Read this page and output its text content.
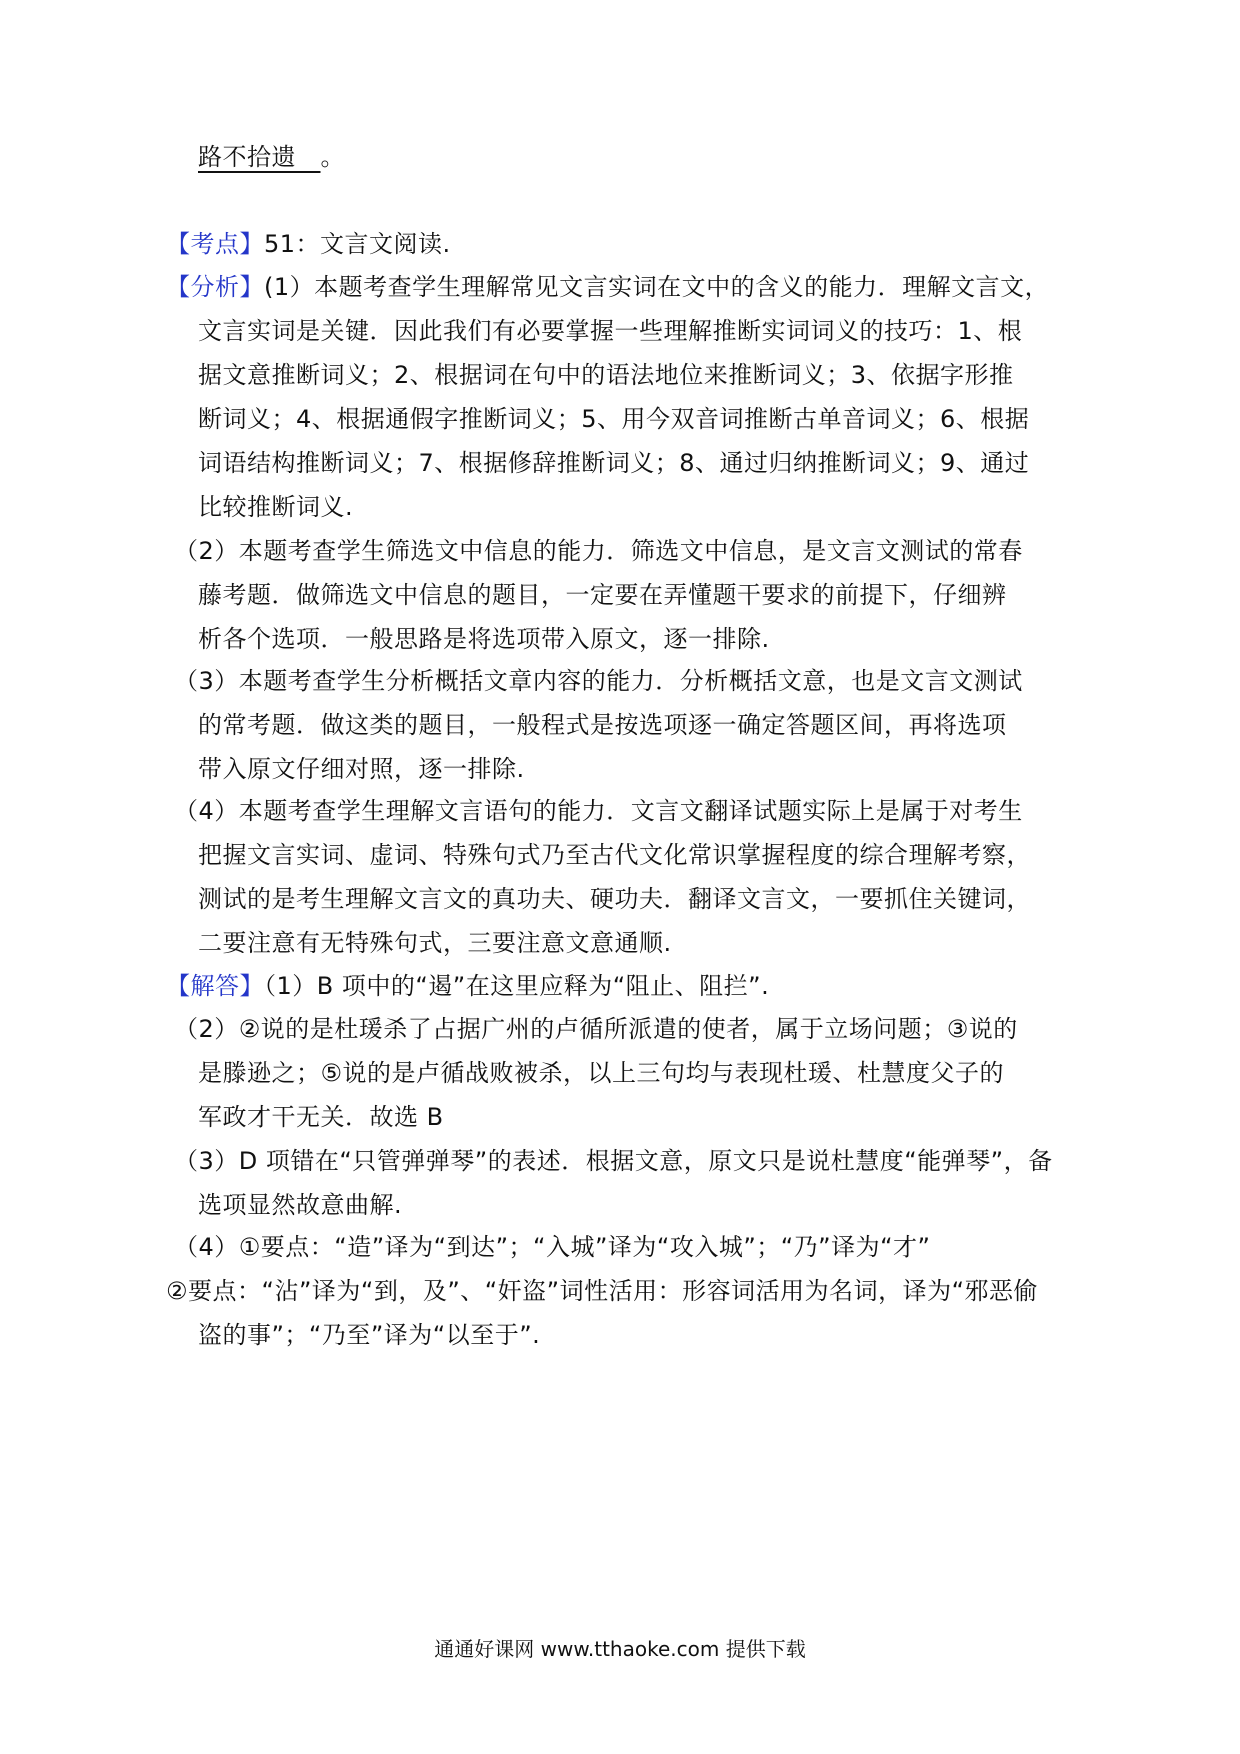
路不拾遗　。
【考点】51：文言文阅读.
【分析】(1）本题考查学生理解常见文言实词在文中的含义的能力．理解文言文，
文言实词是关键．因此我们有必要掌握一些理解推断实词词义的技巧：1、根
据文意推断词义；2、根据词在句中的语法地位来推断词义；3、依据字形推
断词义；4、根据通假字推断词义；5、用今双音词推断古单音词义；6、根据
词语结构推断词义；7、根据修辞推断词义；8、通过归纳推断词义；9、通过
比较推断词义.
（2）本题考查学生筛选文中信息的能力．筛选文中信息，是文言文测试的常春
藤考题．做筛选文中信息的题目，一定要在弄懂题干要求的前提下，仔细辨
析各个选项．一般思路是将选项带入原文，逐一排除.
（3）本题考查学生分析概括文章内容的能力．分析概括文意，也是文言文测试
的常考题．做这类的题目，一般程式是按选项逐一确定答题区间，再将选项
带入原文仔细对照，逐一排除.
（4）本题考查学生理解文言语句的能力．文言文翻译试题实际上是属于对考生
把握文言实词、虚词、特殊句式乃至古代文化常识掌握程度的综合理解考察，
测试的是考生理解文言文的真功夫、硬功夫．翻译文言文，一要抓住关键词，
二要注意有无特殊句式，三要注意文意通顺.
【解答】（1）B 项中的“遏”在这里应释为“阻止、阻拦”.
（2）②说的是杜瑗杀了占据广州的卢循所派遣的使者，属于立场问题；③说的
是滕逊之；⑤说的是卢循战败被杀，以上三句均与表现杜瑗、杜慧度父子的
军政才干无关．故选 B
（3）D 项错在“只管弹弹琴”的表述．根据文意，原文只是说杜慧度“能弹琴”，备
选项显然故意曲解.
（4）①要点：“造”译为“到达”；“入城”译为“攻入城”；“乃”译为“才”
②要点：“沾”译为“到，及”、“奸盗”词性活用：形容词活用为名词，译为“邪恶偷
盗的事”；“乃至”译为“以至于”.
通通好课网 www.tthaoke.com 提供下载
